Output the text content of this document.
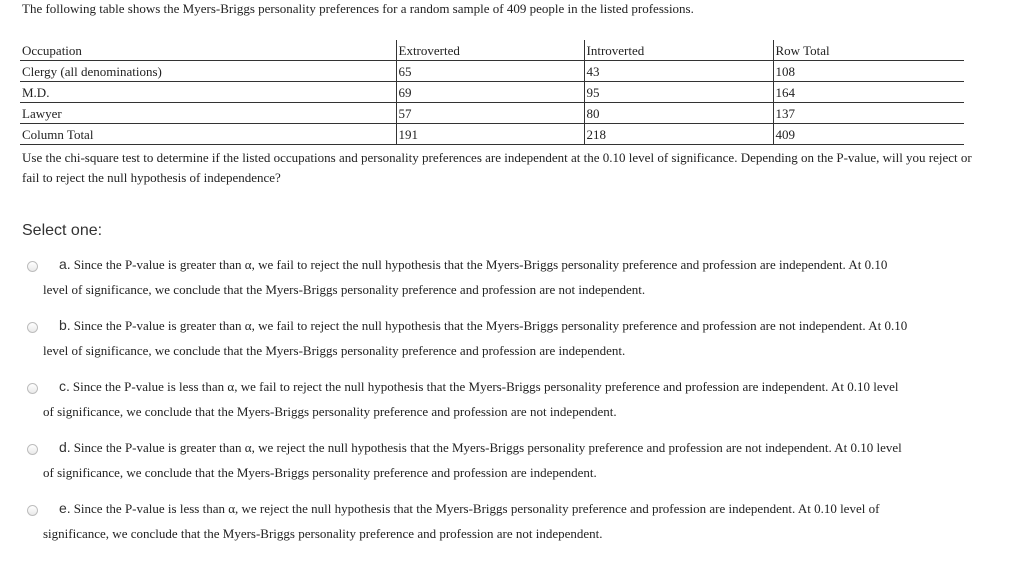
The following table shows the Myers-Briggs personality preferences for a random sample of 409 people in the listed professions.
Occupation	Extroverted	Introverted	Row Total
Clergy (all denominations)	65	43	108
M.D.	69	95	164
Lawyer	57	80	137
Column Total	191	218	409
Use the chi-square test to determine if the listed occupations and personality preferences are independent at the 0.10 level of significance. Depending on the P-value, will you reject or fail to reject the null hypothesis of independence?
Select one:
a. Since the P-value is greater than α, we fail to reject the null hypothesis that the Myers-Briggs personality preference and profession are independent. At 0.10
level of significance, we conclude that the Myers-Briggs personality preference and profession are not independent.
b. Since the P-value is greater than α, we fail to reject the null hypothesis that the Myers-Briggs personality preference and profession are not independent. At 0.10
level of significance, we conclude that the Myers-Briggs personality preference and profession are independent.
c. Since the P-value is less than α, we fail to reject the null hypothesis that the Myers-Briggs personality preference and profession are independent. At 0.10 level
of significance, we conclude that the Myers-Briggs personality preference and profession are not independent.
d. Since the P-value is greater than α, we reject the null hypothesis that the Myers-Briggs personality preference and profession are not independent. At 0.10 level
of significance, we conclude that the Myers-Briggs personality preference and profession are independent.
e. Since the P-value is less than α, we reject the null hypothesis that the Myers-Briggs personality preference and profession are independent. At 0.10 level of
significance, we conclude that the Myers-Briggs personality preference and profession are not independent.
